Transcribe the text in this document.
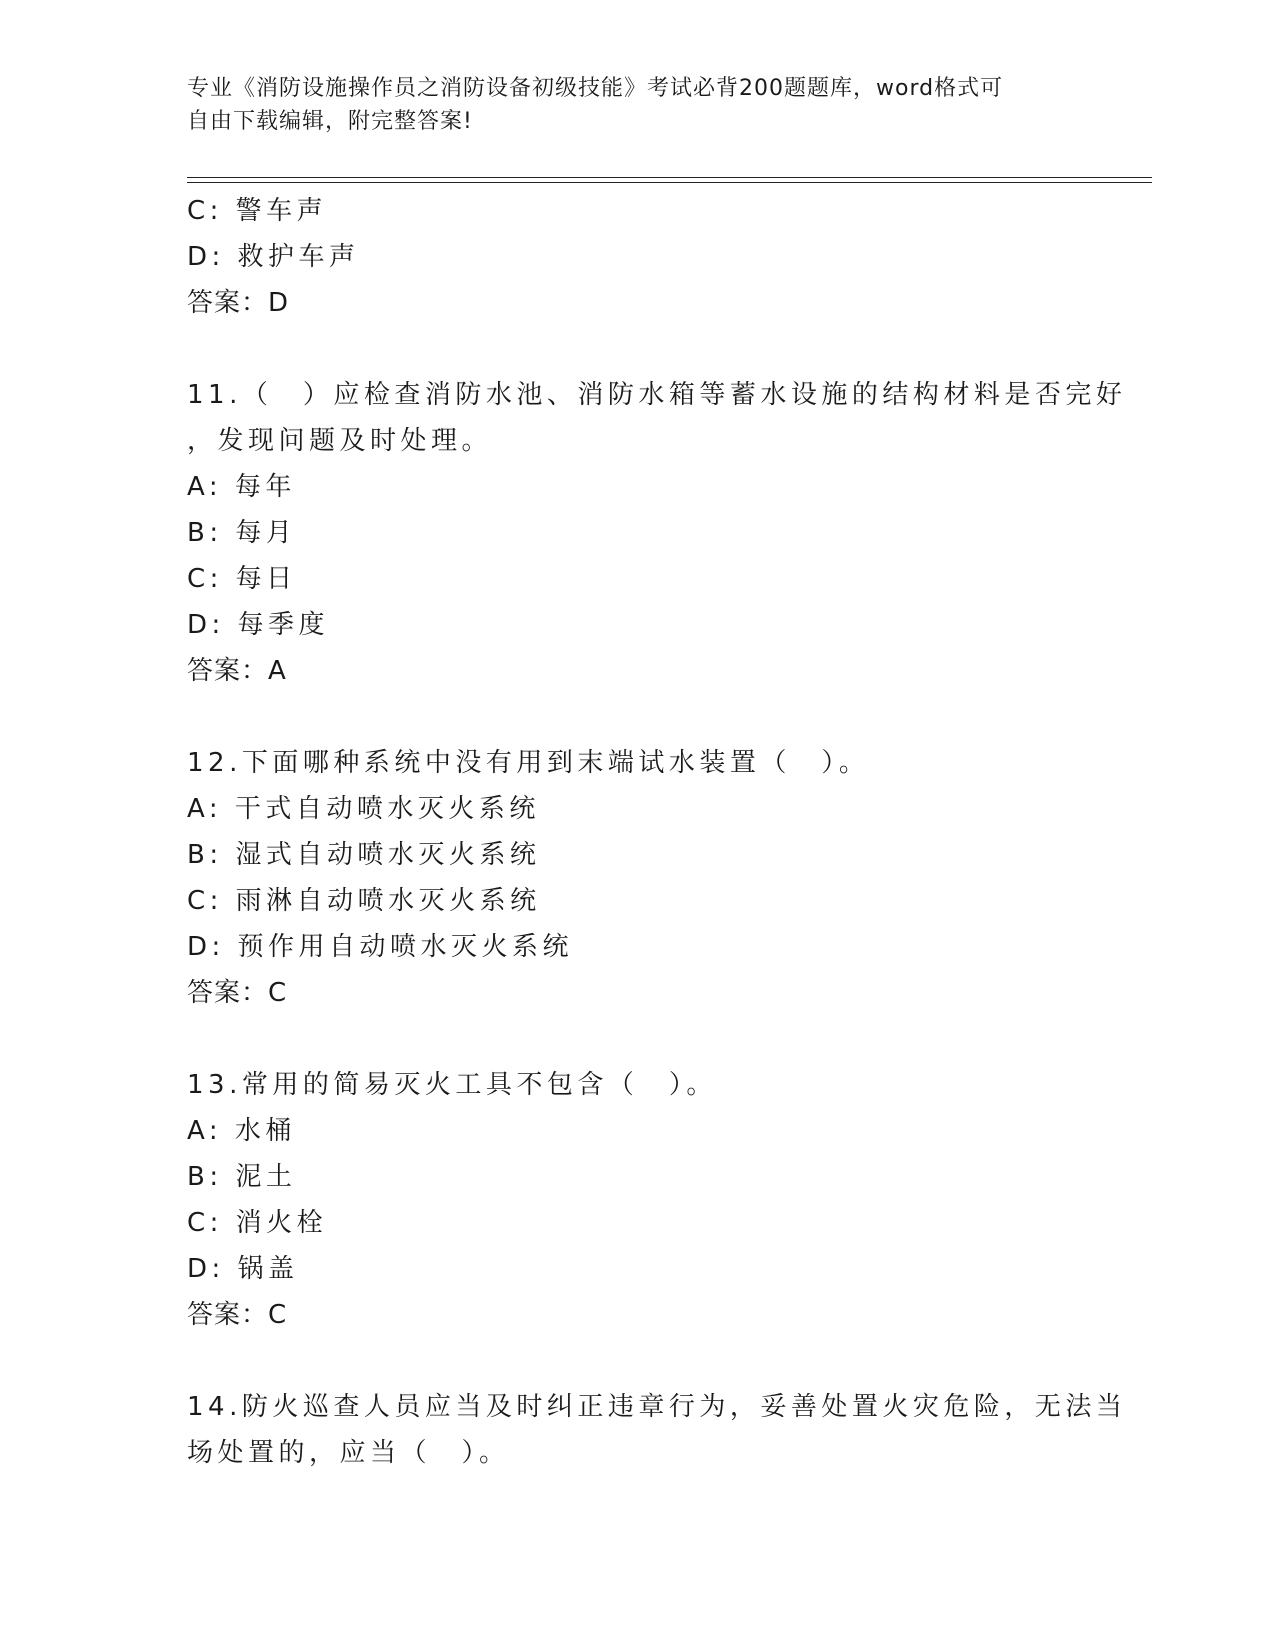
专业《消防设施操作员之消防设备初级技能》考试必背200题题库，word格式可
自由下载编辑，附完整答案!
C: 警车声
D: 救护车声
答案：D
11.（　）应检查消防水池、消防水箱等蓄水设施的结构材料是否完好
，发现问题及时处理。
A: 每年
B: 每月
C: 每日
D: 每季度
答案：A
12.下面哪种系统中没有用到末端试水装置（　）。
A: 干式自动喷水灭火系统
B: 湿式自动喷水灭火系统
C: 雨淋自动喷水灭火系统
D: 预作用自动喷水灭火系统
答案：C
13.常用的简易灭火工具不包含（　）。
A: 水桶
B: 泥土
C: 消火栓
D: 锅盖
答案：C
14.防火巡查人员应当及时纠正违章行为，妥善处置火灾危险，无法当
场处置的，应当（　）。
